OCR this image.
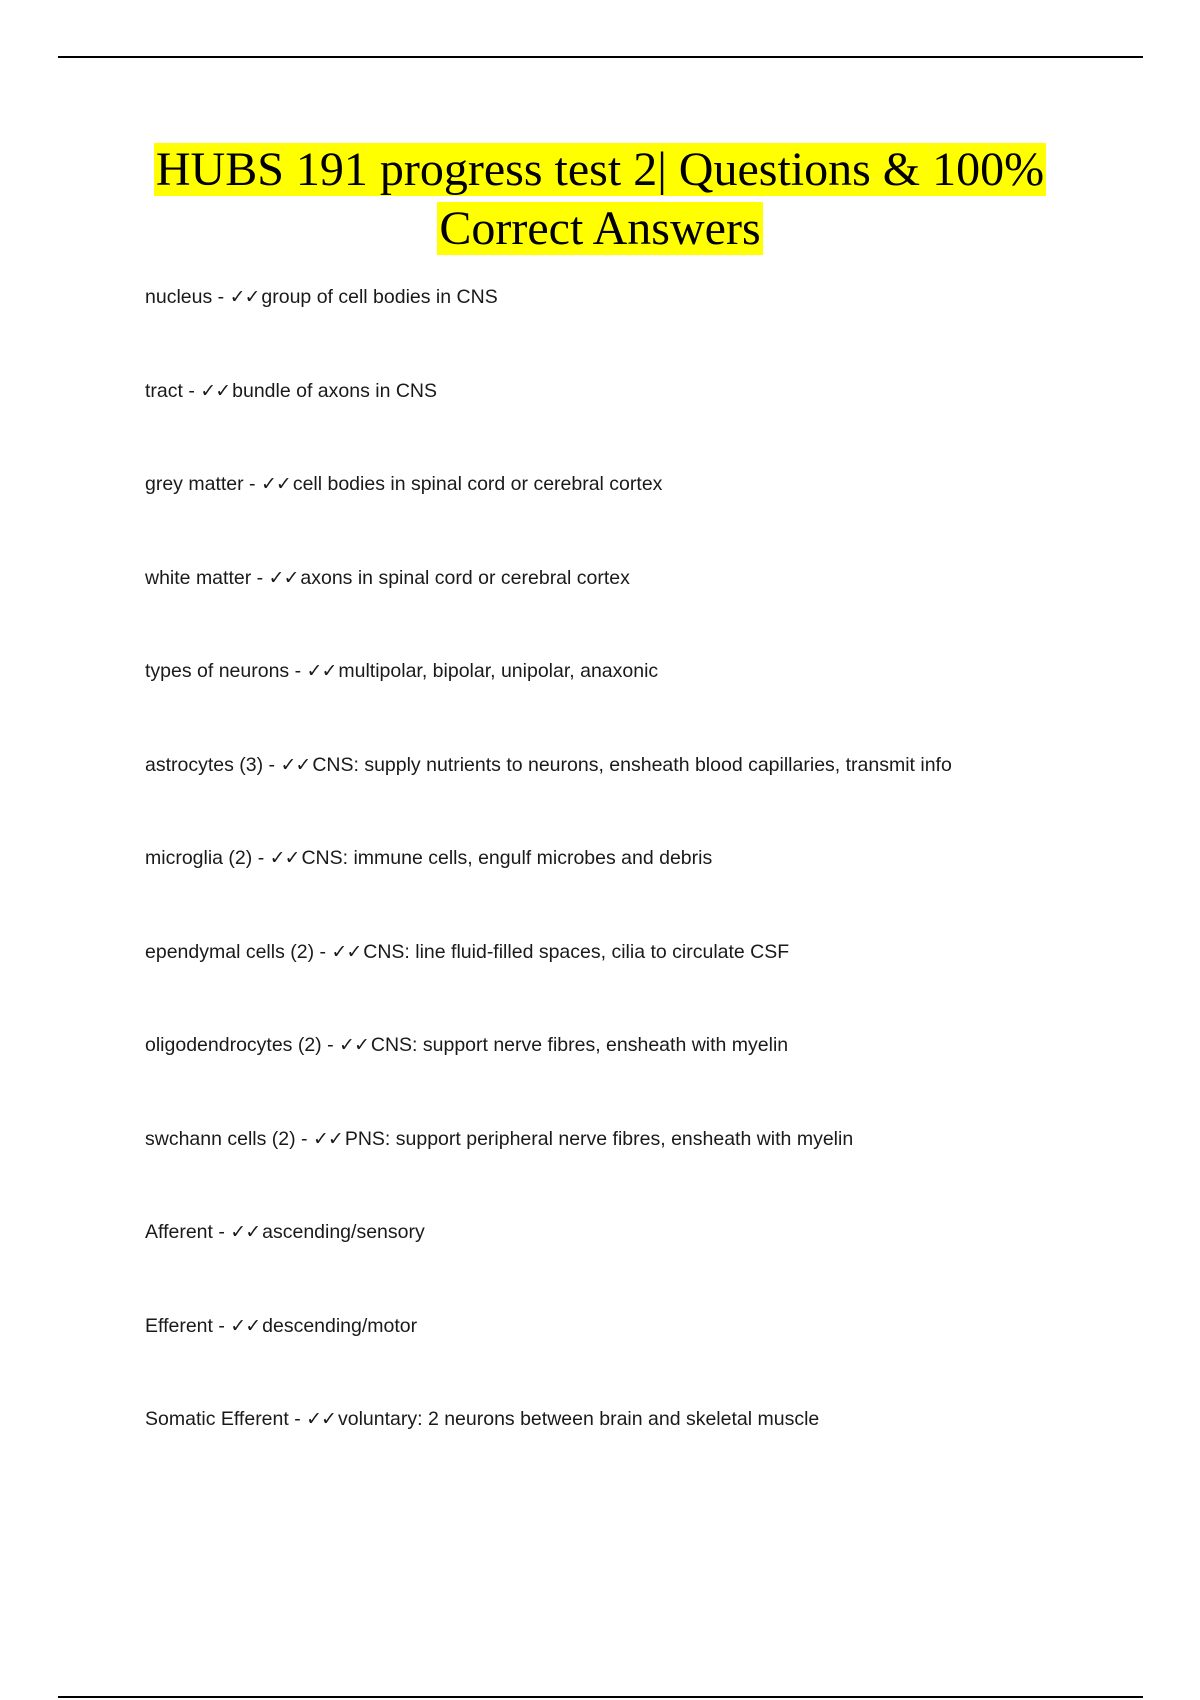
HUBS 191 progress test 2| Questions & 100%
Correct Answers
nucleus - ✓✓ group of cell bodies in CNS
tract - ✓✓ bundle of axons in CNS
grey matter - ✓✓ cell bodies in spinal cord or cerebral cortex
white matter - ✓✓ axons in spinal cord or cerebral cortex
types of neurons - ✓✓ multipolar, bipolar, unipolar, anaxonic
astrocytes (3) - ✓✓ CNS: supply nutrients to neurons, ensheath blood capillaries, transmit info
microglia (2) - ✓✓ CNS: immune cells, engulf microbes and debris
ependymal cells (2) - ✓✓ CNS: line fluid-filled spaces, cilia to circulate CSF
oligodendrocytes (2) - ✓✓ CNS: support nerve fibres, ensheath with myelin
swchann cells (2) - ✓✓ PNS: support peripheral nerve fibres, ensheath with myelin
Afferent - ✓✓ ascending/sensory
Efferent - ✓✓ descending/motor
Somatic Efferent - ✓✓ voluntary: 2 neurons between brain and skeletal muscle
